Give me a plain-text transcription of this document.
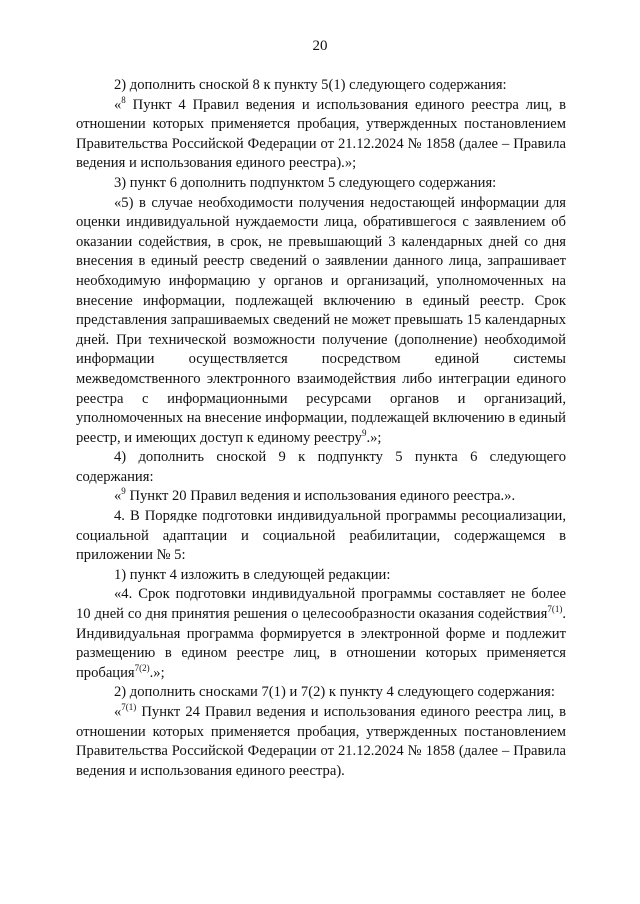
20

2) дополнить сноской 8 к пункту 5(1) следующего содержания:

«$^8$ Пункт 4 Правил ведения и использования единого реестра лиц, в отношении которых применяется пробация, утвержденных постановлением Правительства Российской Федерации от 21.12.2024 № 1858 (далее – Правила ведения и использования единого реестра).»;

3) пункт 6 дополнить подпунктом 5 следующего содержания:

«5) в случае необходимости получения недостающей информации для оценки индивидуальной нуждаемости лица, обратившегося с заявлением об оказании содействия, в срок, не превышающий 3 календарных дней со дня внесения в единый реестр сведений о заявлении данного лица, запрашивает необходимую информацию у органов и организаций, уполномоченных на внесение информации, подлежащей включению в единый реестр. Срок представления запрашиваемых сведений не может превышать 15 календарных дней. При технической возможности получение (дополнение) необходимой информации осуществляется посредством единой системы межведомственного электронного взаимодействия либо интеграции единого реестра с информационными ресурсами органов и организаций, уполномоченных на внесение информации, подлежащей включению в единый реестр, и имеющих доступ к единому реестру$^9$.»;

4) дополнить сноской 9 к подпункту 5 пункта 6 следующего содержания:

«$^9$ Пункт 20 Правил ведения и использования единого реестра.».

4. В Порядке подготовки индивидуальной программы ресоциализации, социальной адаптации и социальной реабилитации, содержащемся в приложении № 5:

1) пункт 4 изложить в следующей редакции:

«4. Срок подготовки индивидуальной программы составляет не более 10 дней со дня принятия решения о целесообразности оказания содействия$^{7(1)}$. Индивидуальная программа формируется в электронной форме и подлежит размещению в едином реестре лиц, в отношении которых применяется пробация$^{7(2)}$.»;

2) дополнить сносками 7(1) и 7(2) к пункту 4 следующего содержания:

«$^{7(1)}$ Пункт 24 Правил ведения и использования единого реестра лиц, в отношении которых применяется пробация, утвержденных постановлением Правительства Российской Федерации от 21.12.2024 № 1858 (далее – Правила ведения и использования единого реестра).
